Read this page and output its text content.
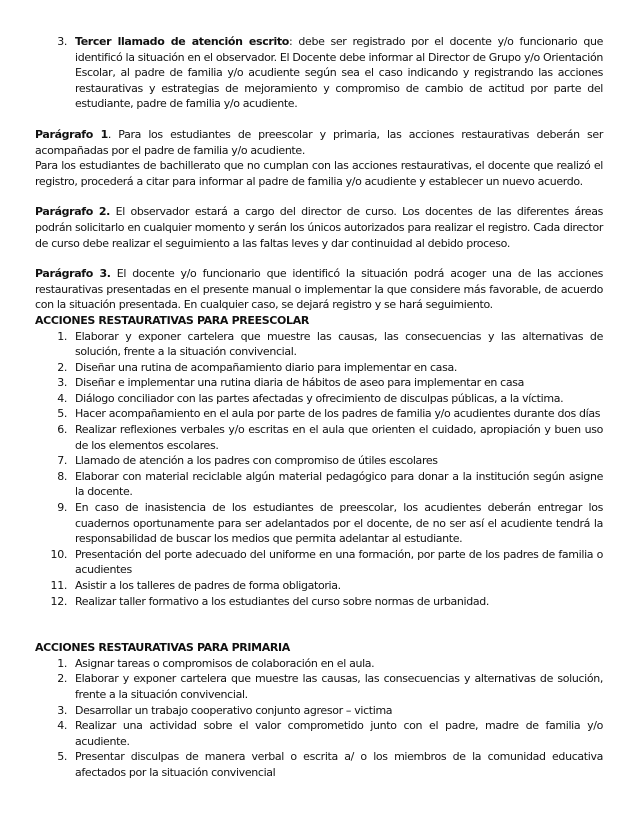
3. Tercer llamado de atención escrito: debe ser registrado por el docente y/o funcionario que identificó la situación en el observador. El Docente debe informar al Director de Grupo y/o Orientación Escolar, al padre de familia y/o acudiente según sea el caso indicando y registrando las acciones restaurativas y estrategias de mejoramiento y compromiso de cambio de actitud por parte del estudiante, padre de familia y/o acudiente.

Parágrafo 1. Para los estudiantes de preescolar y primaria, las acciones restaurativas deberán ser acompañadas por el padre de familia y/o acudiente.

Para los estudiantes de bachillerato que no cumplan con las acciones restaurativas, el docente que realizó el registro, procederá a citar para informar al padre de familia y/o acudiente y establecer un nuevo acuerdo.

Parágrafo 2. El observador estará a cargo del director de curso. Los docentes de las diferentes áreas podrán solicitarlo en cualquier momento y serán los únicos autorizados para realizar el registro. Cada director de curso debe realizar el seguimiento a las faltas leves y dar continuidad al debido proceso.

Parágrafo 3. El docente y/o funcionario que identificó la situación podrá acoger una de las acciones restaurativas presentadas en el presente manual o implementar la que considere más favorable, de acuerdo con la situación presentada. En cualquier caso, se dejará registro y se hará seguimiento.

ACCIONES RESTAURATIVAS PARA PREESCOLAR

1. Elaborar y exponer cartelera que muestre las causas, las consecuencias y las alternativas de solución, frente a la situación convivencial.
2. Diseñar una rutina de acompañamiento diario para implementar en casa.
3. Diseñar e implementar una rutina diaria de hábitos de aseo para implementar en casa
4. Diálogo conciliador con las partes afectadas y ofrecimiento de disculpas públicas, a la víctima.
5. Hacer acompañamiento en el aula por parte de los padres de familia y/o acudientes durante dos días
6. Realizar reflexiones verbales y/o escritas en el aula que orienten el cuidado, apropiación y buen uso de los elementos escolares.
7. Llamado de atención a los padres con compromiso de útiles escolares
8. Elaborar con material reciclable algún material pedagógico para donar a la institución según asigne la docente.
9. En caso de inasistencia de los estudiantes de preescolar, los acudientes deberán entregar los cuadernos oportunamente para ser adelantados por el docente, de no ser así el acudiente tendrá la responsabilidad de buscar los medios que permita adelantar al estudiante.
10. Presentación del porte adecuado del uniforme en una formación, por parte de los padres de familia o acudientes
11. Asistir a los talleres de padres de forma obligatoria.
12. Realizar taller formativo a los estudiantes del curso sobre normas de urbanidad.

ACCIONES RESTAURATIVAS PARA PRIMARIA

1. Asignar tareas o compromisos de colaboración en el aula.
2. Elaborar y exponer cartelera que muestre las causas, las consecuencias y alternativas de solución, frente a la situación convivencial.
3. Desarrollar un trabajo cooperativo conjunto agresor – victima
4. Realizar una actividad sobre el valor comprometido junto con el padre, madre de familia y/o acudiente.
5. Presentar disculpas de manera verbal o escrita a/ o los miembros de la comunidad educativa afectados por la situación convivencial
